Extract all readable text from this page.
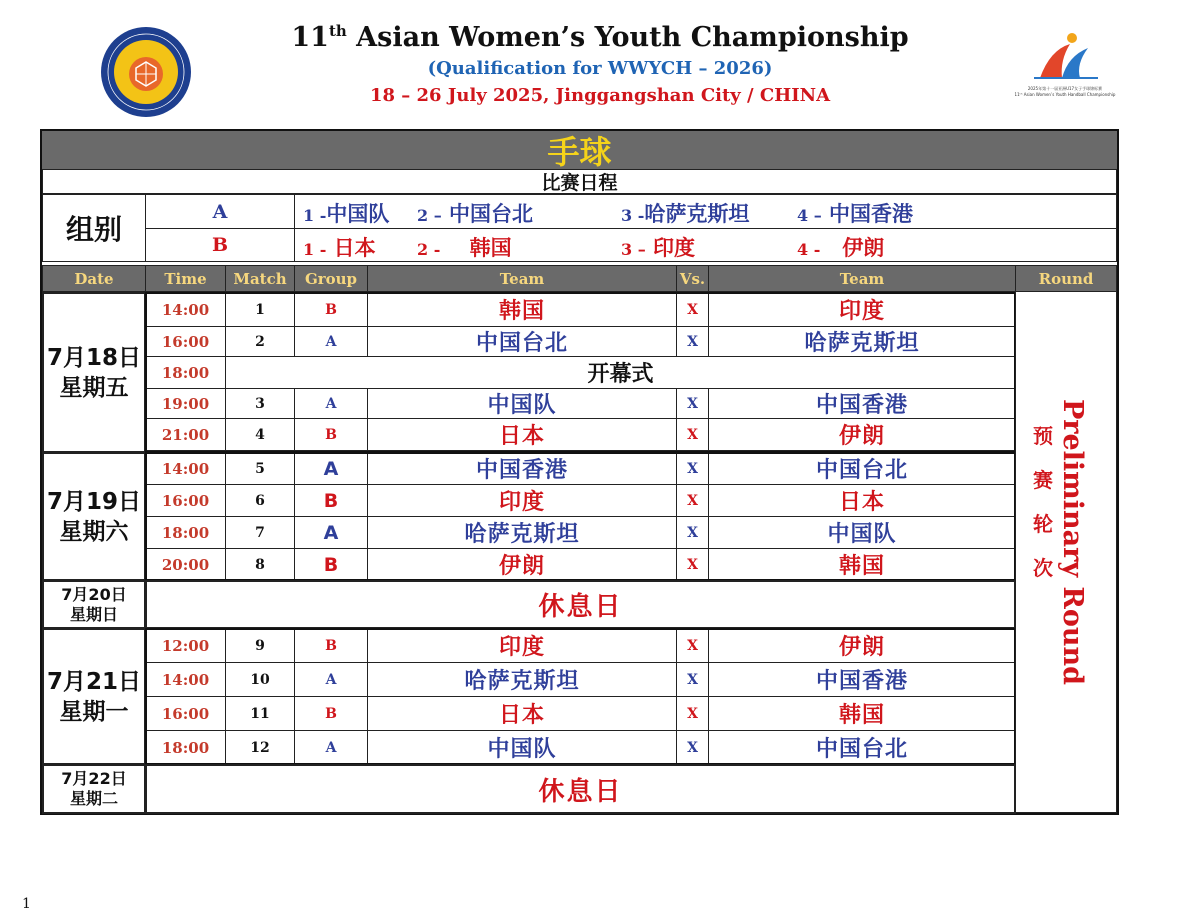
11th Asian Women’s Youth Championship
(Qualification for WWYCH – 2026)
18 – 26 July 2025, Jinggangshan City / CHINA	2025年第十一届亚洲U17女子手球锦标赛
11ᵗʰ Asian Women’s Youth Handball Championship
手球
比赛日程
组别
A	1 -中国队 2 – 中国台北	3 -哈萨克斯坦	4 – 中国香港
B	1 - 日本	2 - 韩国	3 – 印度	4 - 伊朗
Date	Time	Match	Group	Team	Vs.	Team	Round
7月18日
星期五
14:00	1	B	韩国	X	印度
16:00	2	A	中国台北	X	哈萨克斯坦
18:00	开幕式
19:00	3	A	中国队	X	中国香港
21:00	4	B	日本	X	伊朗
7月19日
星期六
14:00	5	A	中国香港	X	中国台北
16:00	6	B	印度	X	日本
18:00	7	A	哈萨克斯坦	X	中国队
20:00	8	B	伊朗	X	韩国
7月20日
星期日	休息日
7月21日
星期一
12:00	9	B	印度	X	伊朗
14:00	10	A	哈萨克斯坦	X	中国香港
16:00	11	B	日本	X	韩国
18:00	12	A	中国队	X	中国台北
7月22日
星期二	休息日
预
赛
轮
次 Preliminary Round
1
